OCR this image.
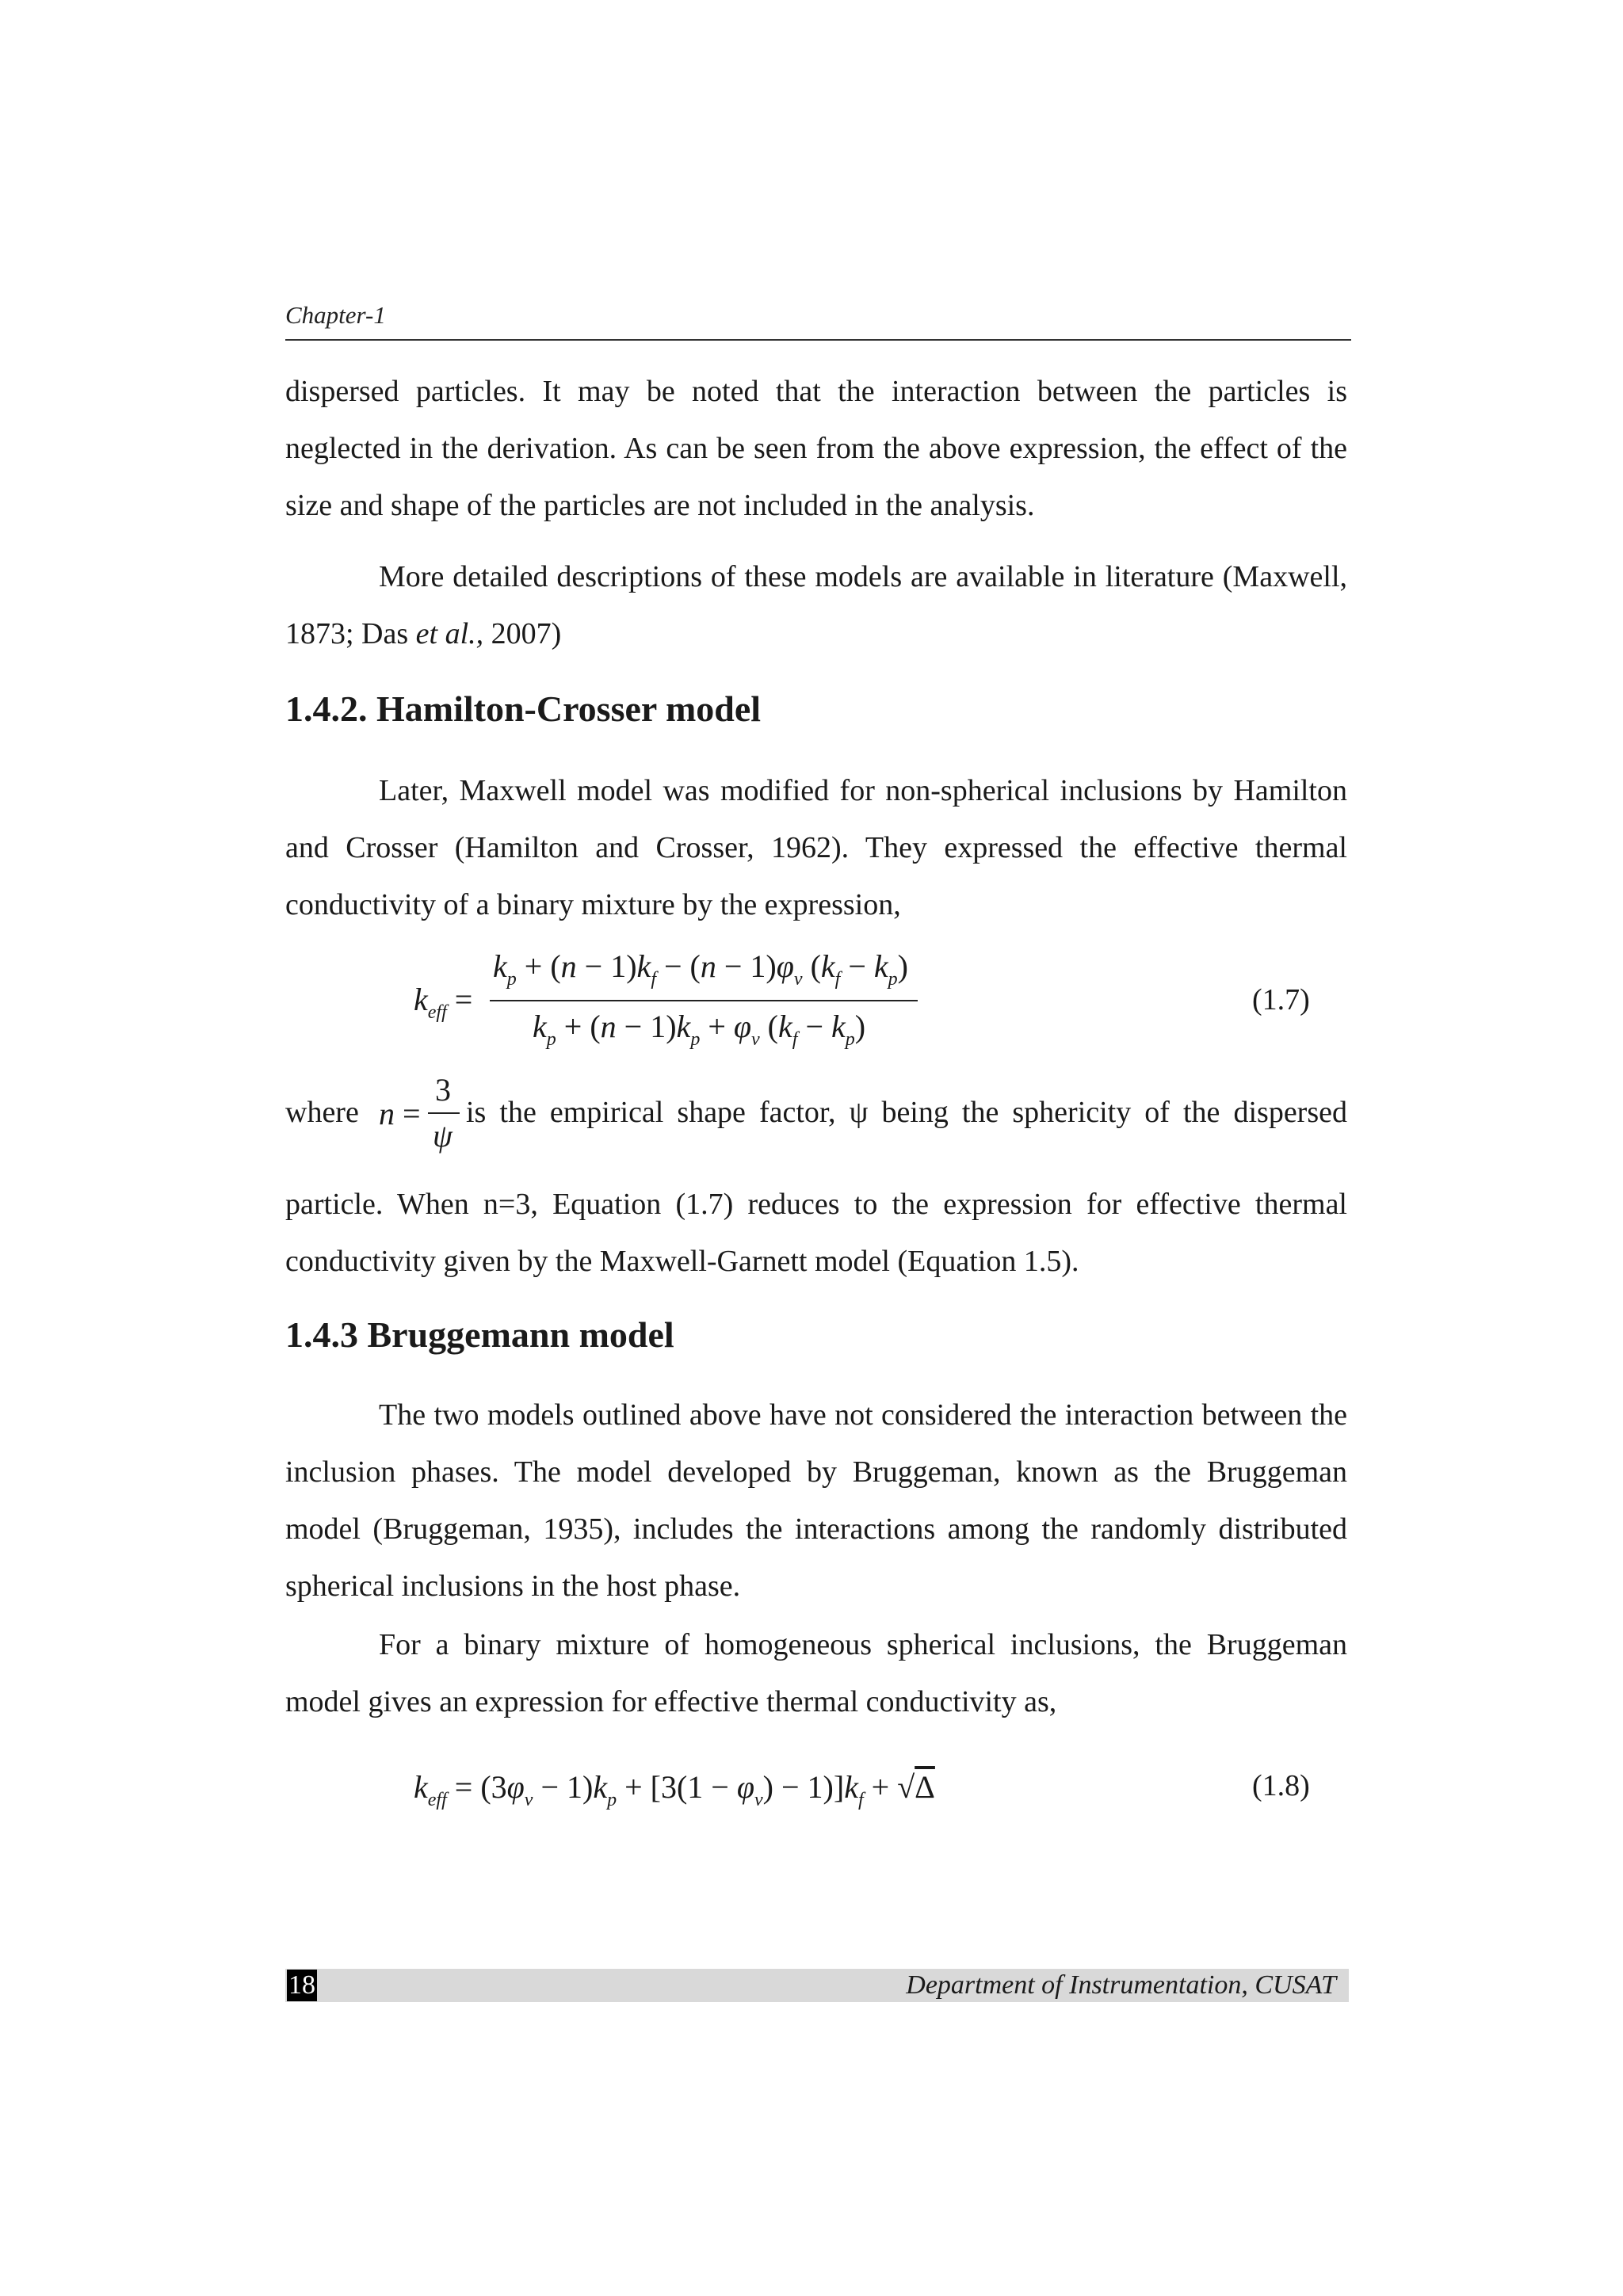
Chapter-1

dispersed particles. It may be noted that the interaction between the particles is neglected in the derivation. As can be seen from the above expression, the effect of the size and shape of the particles are not included in the analysis.

More detailed descriptions of these models are available in literature (Maxwell, 1873; Das et al., 2007)

1.4.2. Hamilton-Crosser model

Later, Maxwell model was modified for non-spherical inclusions by Hamilton and Crosser (Hamilton and Crosser, 1962). They expressed the effective thermal conductivity of a binary mixture by the expression,

$k_{eff}$ =
$k_p + (n - 1)k_f - (n - 1)\varphi_v$ $(k_f - k_p)$
$k_p + (n - 1)k_p + \varphi_v$ $(k_f - k_p)$
(1.7)
where n =
3
ψ
is the empirical shape factor, ψ being the sphericity of the dispersed

particle. When n=3, Equation (1.7) reduces to the expression for effective thermal conductivity given by the Maxwell-Garnett model (Equation 1.5).

1.4.3 Bruggemann model

The two models outlined above have not considered the interaction between the inclusion phases. The model developed by Bruggeman, known as the Bruggeman model (Bruggeman, 1935), includes the interactions among the randomly distributed spherical inclusions in the host phase.

For a binary mixture of homogeneous spherical inclusions, the Bruggeman model gives an expression for effective thermal conductivity as,

$k_{eff} = (3\varphi_v - 1)k_p + [3(1 - \varphi_v) - 1)]k_f + √\Delta$	(1.8)
18	Department of Instrumentation, CUSAT
